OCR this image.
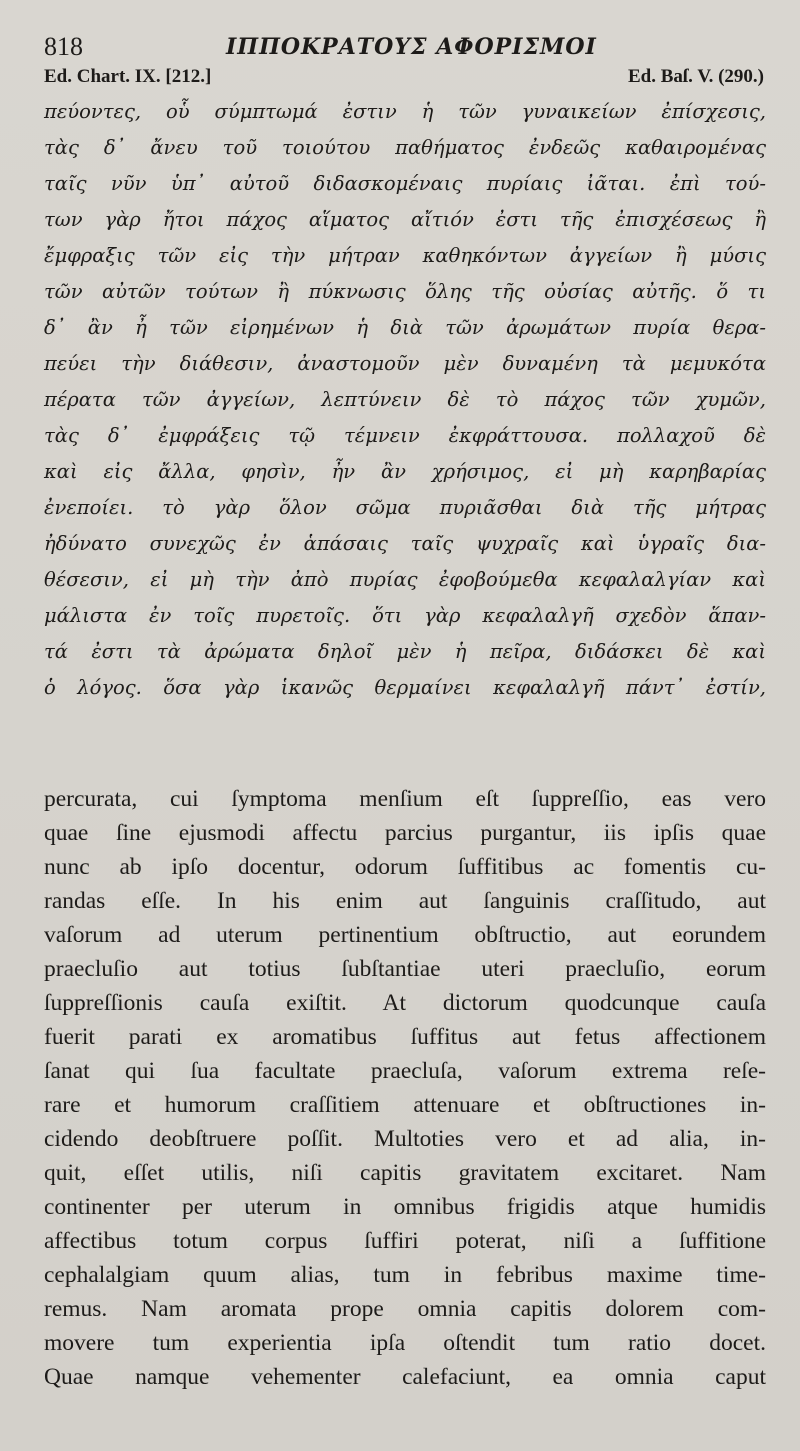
818	ΙΠΠΟΚΡΑΤΟΥΣ ΑΦΟΡΙΣΜΟΙ
Ed. Chart. IX. [212.]	Ed. Baſ. V. (290.)
πεύοντες, οὗ σύμπτωμά ἐστιν ἡ τῶν γυναικείων ἐπίσχεσις,
τὰς δ᾽ ἄνευ τοῦ τοιούτου παθήματος ἐνδεῶς καθαιρομένας
ταῖς νῦν ὑπ᾽ αὐτοῦ διδασκομέναις πυρίαις ἰᾶται. ἐπὶ τού-
των γὰρ ἤτοι πάχος αἵματος αἴτιόν ἐστι τῆς ἐπισχέσεως ἢ
ἔμφραξις τῶν εἰς τὴν μήτραν καθηκόντων ἀγγείων ἢ μύσις
τῶν αὐτῶν τούτων ἢ πύκνωσις ὅλης τῆς οὐσίας αὐτῆς. ὅ τι
δ᾽ ἂν ἦ τῶν εἰρημένων ἡ διὰ τῶν ἀρωμάτων πυρία θερα-
πεύει τὴν διάθεσιν, ἀναστομοῦν μὲν δυναμένη τὰ μεμυκότα
πέρατα τῶν ἀγγείων, λεπτύνειν δὲ τὸ πάχος τῶν χυμῶν,
τὰς δ᾽ ἐμφράξεις τῷ τέμνειν ἐκφράττουσα. πολλαχοῦ δὲ
καὶ εἰς ἄλλα, φησὶν, ἦν ἂν χρήσιμος, εἰ μὴ καρηβαρίας
ἐνεποίει. τὸ γὰρ ὅλον σῶμα πυριᾶσθαι διὰ τῆς μήτρας
ἠδύνατο συνεχῶς ἐν ἁπάσαις ταῖς ψυχραῖς καὶ ὑγραῖς δια-
θέσεσιν, εἰ μὴ τὴν ἀπὸ πυρίας ἐφοβούμεθα κεφαλαλγίαν καὶ
μάλιστα ἐν τοῖς πυρετοῖς. ὅτι γὰρ κεφαλαλγῆ σχεδὸν ἅπαν-
τά ἐστι τὰ ἀρώματα δηλοῖ μὲν ἡ πεῖρα, διδάσκει δὲ καὶ
ὁ λόγος. ὅσα γὰρ ἱκανῶς θερμαίνει κεφαλαλγῆ πάντ᾽ ἐστίν,
percurata, cui ſymptoma menſium eſt ſuppreſſio, eas vero
quae ſine ejusmodi affectu parcius purgantur, iis ipſis quae
nunc ab ipſo docentur, odorum ſuffitibus ac fomentis cu-
randas eſſe. In his enim aut ſanguinis craſſitudo, aut
vaſorum ad uterum pertinentium obſtructio, aut eorundem
praecluſio aut totius ſubſtantiae uteri praecluſio, eorum
ſuppreſſionis cauſa exiſtit. At dictorum quodcunque cauſa
fuerit parati ex aromatibus ſuffitus aut fetus affectionem
ſanat qui ſua facultate praecluſa, vaſorum extrema reſe-
rare et humorum craſſitiem attenuare et obſtructiones in-
cidendo deobſtruere poſſit. Multoties vero et ad alia, in-
quit, eſſet utilis, niſi capitis gravitatem excitaret. Nam
continenter per uterum in omnibus frigidis atque humidis
affectibus totum corpus ſuffiri poterat, niſi a ſuffitione
cephalalgiam quum alias, tum in febribus maxime time-
remus. Nam aromata prope omnia capitis dolorem com-
movere tum experientia ipſa oſtendit tum ratio docet.
Quae namque vehementer calefaciunt, ea omnia caput
